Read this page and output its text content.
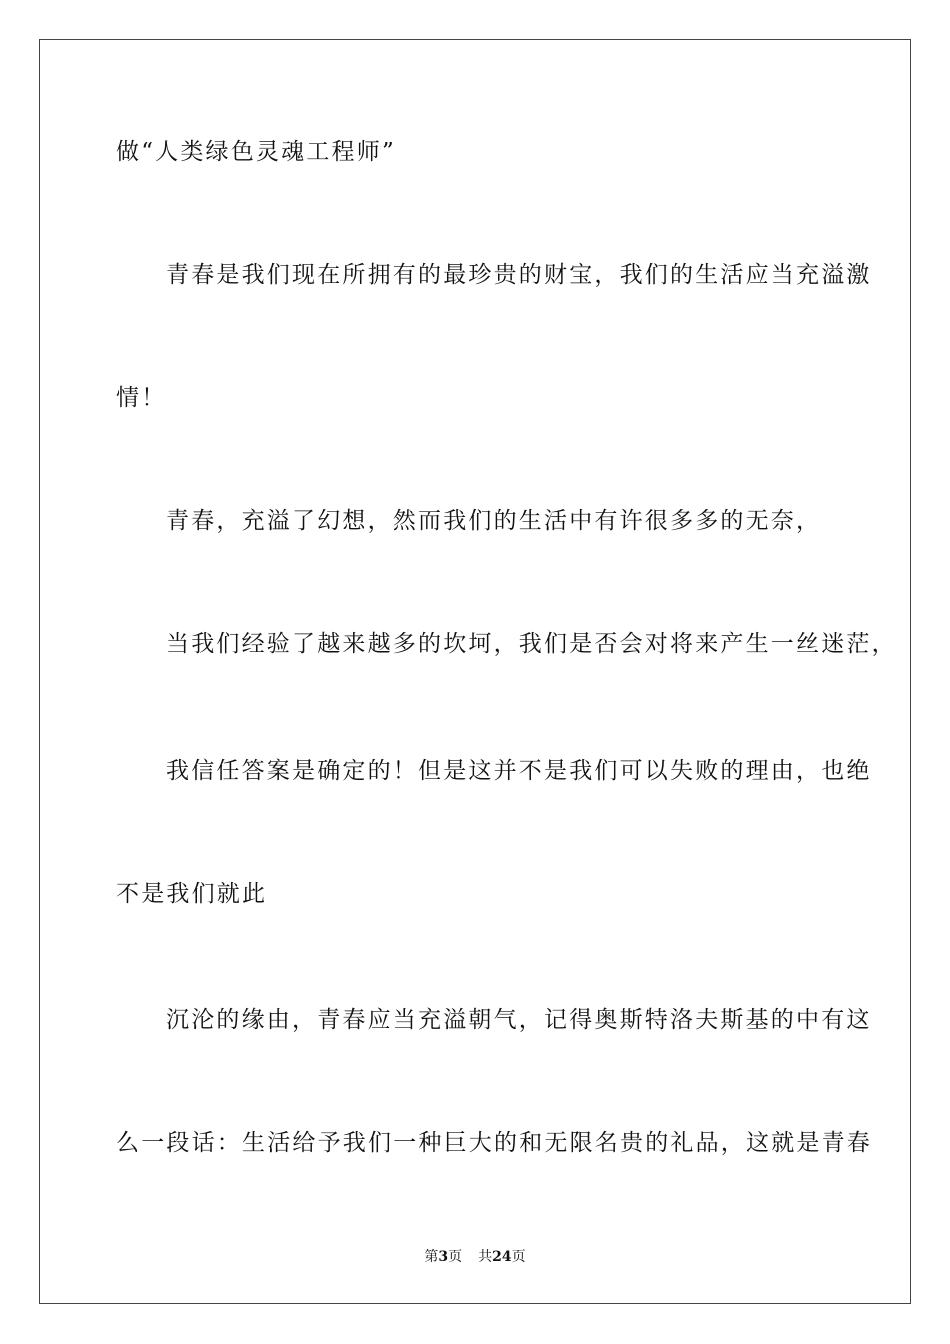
做“人类绿色灵魂工程师”
青春是我们现在所拥有的最珍贵的财宝，我们的生活应当充溢激
情！
青春，充溢了幻想，然而我们的生活中有许很多多的无奈，
当我们经验了越来越多的坎坷，我们是否会对将来产生一丝迷茫，
我信任答案是确定的！但是这并不是我们可以失败的理由，也绝
不是我们就此
沉沦的缘由，青春应当充溢朝气，记得奥斯特洛夫斯基的中有这
么一段话：生活给予我们一种巨大的和无限名贵的礼品，这就是青春
第3页 共24页
